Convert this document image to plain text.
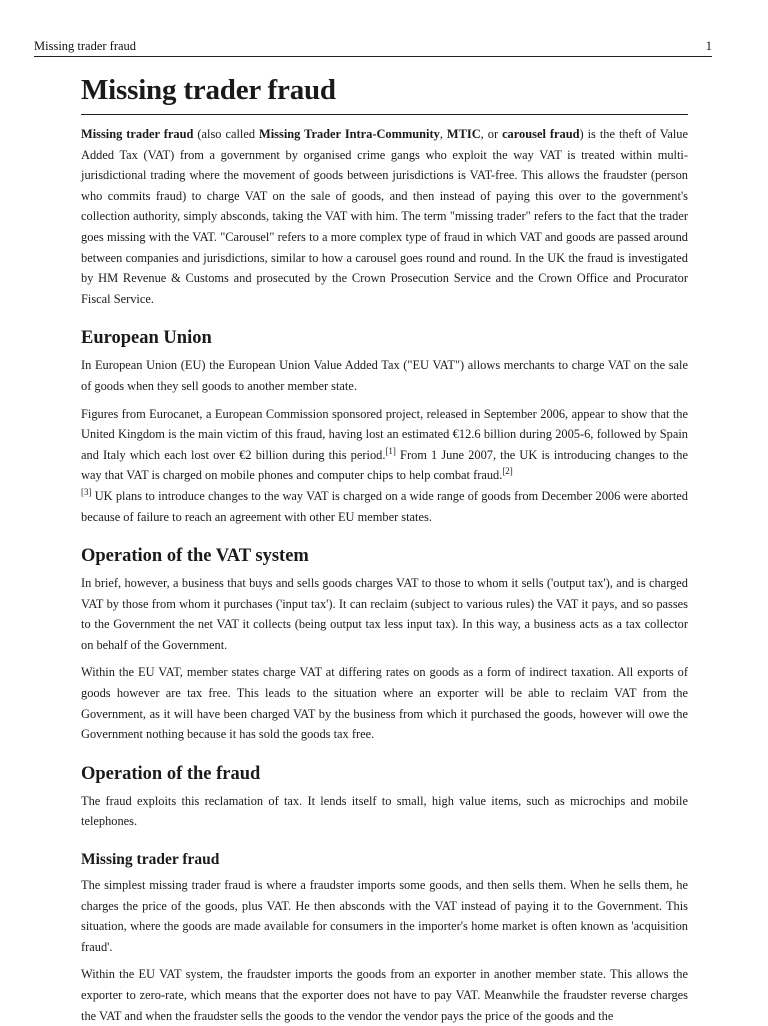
Missing trader fraud	1
Missing trader fraud

Missing trader fraud (also called Missing Trader Intra-Community, MTIC, or carousel fraud) is the theft of Value Added Tax (VAT) from a government by organised crime gangs who exploit the way VAT is treated within multi-jurisdictional trading where the movement of goods between jurisdictions is VAT-free. This allows the fraudster (person who commits fraud) to charge VAT on the sale of goods, and then instead of paying this over to the government's collection authority, simply absconds, taking the VAT with him. The term "missing trader" refers to the fact that the trader goes missing with the VAT. "Carousel" refers to a more complex type of fraud in which VAT and goods are passed around between companies and jurisdictions, similar to how a carousel goes round and round. In the UK the fraud is investigated by HM Revenue & Customs and prosecuted by the Crown Prosecution Service and the Crown Office and Procurator Fiscal Service.

European Union

In European Union (EU) the European Union Value Added Tax ("EU VAT") allows merchants to charge VAT on the sale of goods when they sell goods to another member state.

Figures from Eurocanet, a European Commission sponsored project, released in September 2006, appear to show that the United Kingdom is the main victim of this fraud, having lost an estimated €12.6 billion during 2005-6, followed by Spain and Italy which each lost over €2 billion during this period.[1] From 1 June 2007, the UK is introducing changes to the way that VAT is charged on mobile phones and computer chips to help combat fraud.[2]
[3] UK plans to introduce changes to the way VAT is charged on a wide range of goods from December 2006 were aborted because of failure to reach an agreement with other EU member states.

Operation of the VAT system

In brief, however, a business that buys and sells goods charges VAT to those to whom it sells ('output tax'), and is charged VAT by those from whom it purchases ('input tax'). It can reclaim (subject to various rules) the VAT it pays, and so passes to the Government the net VAT it collects (being output tax less input tax). In this way, a business acts as a tax collector on behalf of the Government.

Within the EU VAT, member states charge VAT at differing rates on goods as a form of indirect taxation. All exports of goods however are tax free. This leads to the situation where an exporter will be able to reclaim VAT from the Government, as it will have been charged VAT by the business from which it purchased the goods, however will owe the Government nothing because it has sold the goods tax free.

Operation of the fraud

The fraud exploits this reclamation of tax. It lends itself to small, high value items, such as microchips and mobile telephones.

Missing trader fraud

The simplest missing trader fraud is where a fraudster imports some goods, and then sells them. When he sells them, he charges the price of the goods, plus VAT. He then absconds with the VAT instead of paying it to the Government. This situation, where the goods are made available for consumers in the importer's home market is often known as 'acquisition fraud'.

Within the EU VAT system, the fraudster imports the goods from an exporter in another member state. This allows the exporter to zero-rate, which means that the exporter does not have to pay VAT. Meanwhile the fraudster reverse charges the VAT and when the fraudster sells the goods to the vendor the vendor pays the price of the goods and the
